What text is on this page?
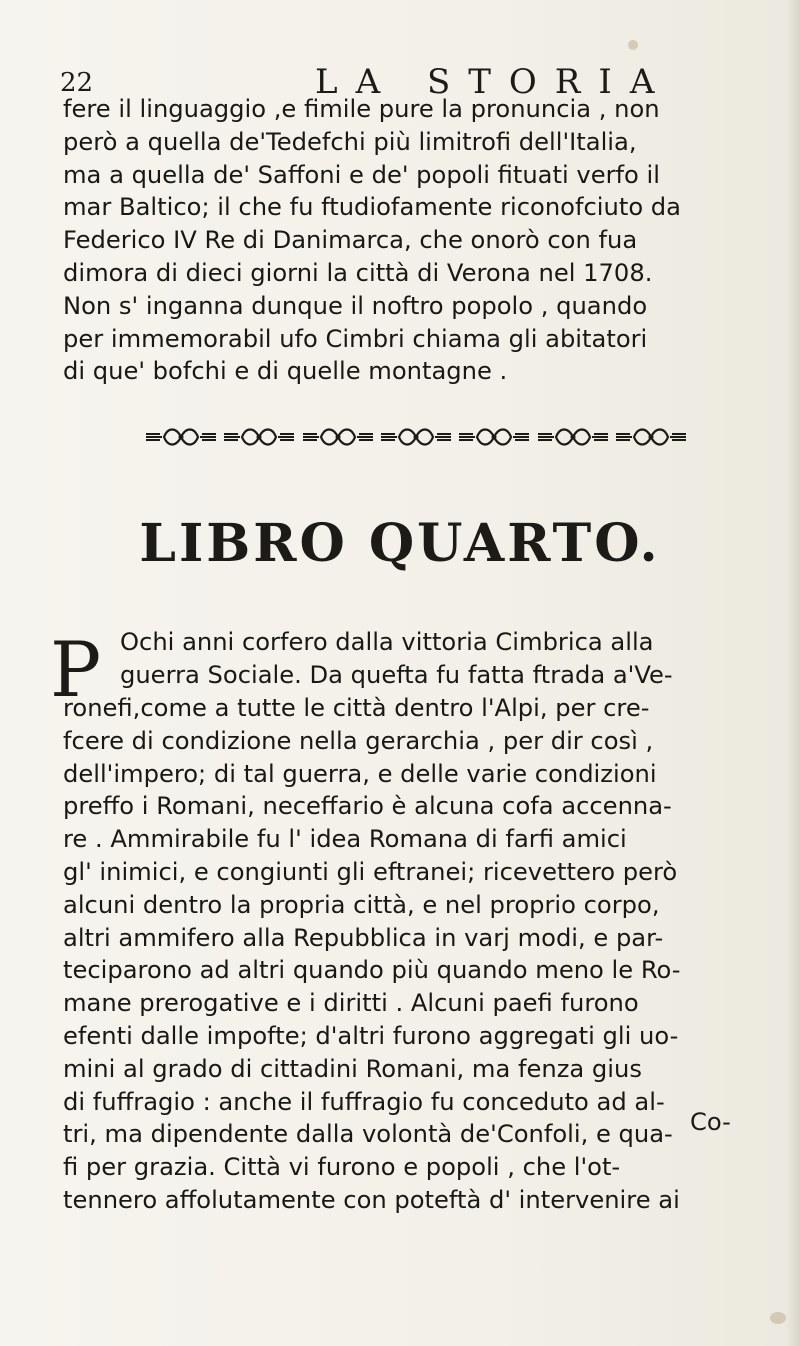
22	LA STORIA
fere il linguaggio ,e fimile pure la pronuncia , non
però a quella de'Tedefchi più limitrofi dell'Italia,
ma a quella de' Saffoni e de' popoli fituati verfo il
mar Baltico; il che fu ftudiofamente riconofciuto da
Federico IV Re di Danimarca, che onorò con fua
dimora di dieci giorni la città di Verona nel 1708.
Non s' inganna dunque il noftro popolo , quando
per immemorabil ufo Cimbri chiama gli abitatori
di que' bofchi e di quelle montagne .
LIBRO QUARTO.
P Ochi anni corfero dalla vittoria Cimbrica alla
guerra Sociale. Da quefta fu fatta ftrada a'Ve-
ronefi,come a tutte le città dentro l'Alpi, per cre-
fcere di condizione nella gerarchia , per dir così ,
dell'impero; di tal guerra, e delle varie condizioni
preffo i Romani, neceffario è alcuna cofa accenna-
re . Ammirabile fu l' idea Romana di farfi amici
gl' inimici, e congiunti gli eftranei; ricevettero però
alcuni dentro la propria città, e nel proprio corpo,
altri ammifero alla Repubblica in varj modi, e par-
teciparono ad altri quando più quando meno le Ro-
mane prerogative e i diritti . Alcuni paefi furono
efenti dalle impofte; d'altri furono aggregati gli uo-
mini al grado di cittadini Romani, ma fenza gius
di fuffragio : anche il fuffragio fu conceduto ad al-
tri, ma dipendente dalla volontà de'Confoli, e qua-
fi per grazia. Città vi furono e popoli , che l'ot-
tennero affolutamente con poteftà d' intervenire ai
Co-
